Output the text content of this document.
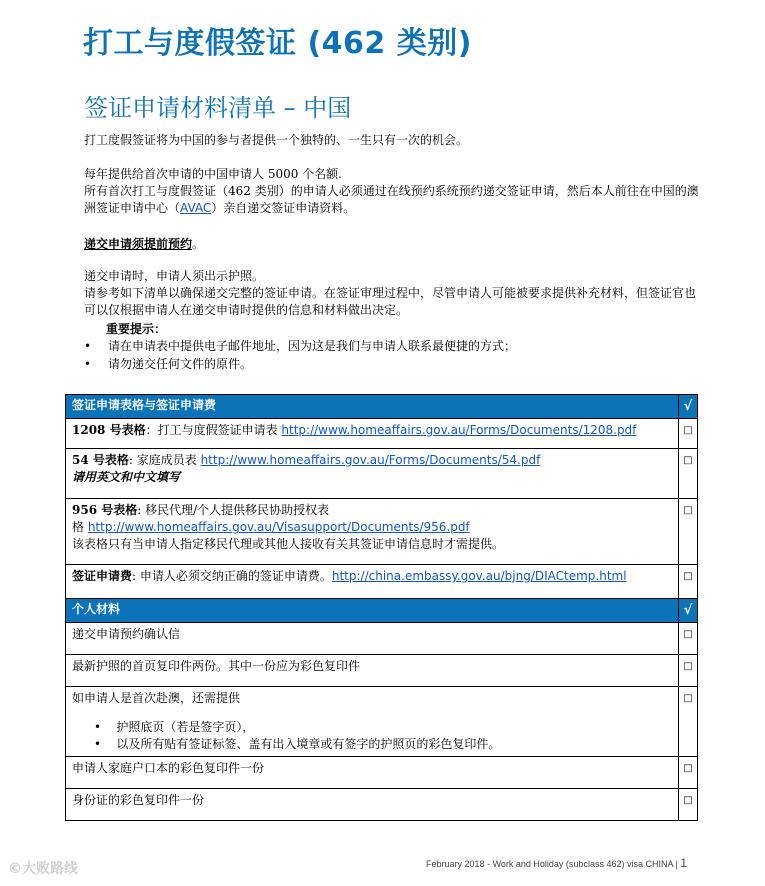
打工与度假签证 (462 类别)
签证申请材料清单 – 中国
打工度假签证将为中国的参与者提供一个独特的、一生只有一次的机会。
每年提供给首次申请的中国申请人 5000 个名额.
所有首次打工与度假签证（462 类别）的申请人必须通过在线预约系统预约递交签证申请，然后本人前往在中国的澳洲签证申请中心（AVAC）亲自递交签证申请资料。
递交申请须提前预约。
递交申请时，申请人须出示护照。
请参考如下清单以确保递交完整的签证申请。在签证审理过程中，尽管申请人可能被要求提供补充材料，但签证官也可以仅根据申请人在递交申请时提供的信息和材料做出决定。
重要提示：
• 请在申请表中提供电子邮件地址，因为这是我们与申请人联系最便捷的方式；
• 请勿递交任何文件的原件。
签证申请表格与签证申请费	√
1208 号表格：打工与度假签证申请表 http://www.homeaffairs.gov.au/Forms/Documents/1208.pdf	□
54 号表格: 家庭成员表 http://www.homeaffairs.gov.au/Forms/Documents/54.pdf
请用英文和中文填写	□
956 号表格: 移民代理/个人提供移民协助授权表
格 http://www.homeaffairs.gov.au/Visasupport/Documents/956.pdf
该表格只有当申请人指定移民代理或其他人接收有关其签证申请信息时才需提供。	□
签证申请费: 申请人必须交纳正确的签证申请费。http://china.embassy.gov.au/bjng/DIACtemp.html	□
个人材料	√
递交申请预约确认信	□
最新护照的首页复印件两份。其中一份应为彩色复印件	□

如申请人是首次赴澳，还需提供
•    护照底页（若是签字页），
•    以及所有贴有签证标签、盖有出入境章或有签字的护照页的彩色复印件。	□
申请人家庭户口本的彩色复印件一份	□
身份证的彩色复印件一份	□
February 2018 - Work and Holiday (subclass 462) visa CHINA | 1
©大败路线
